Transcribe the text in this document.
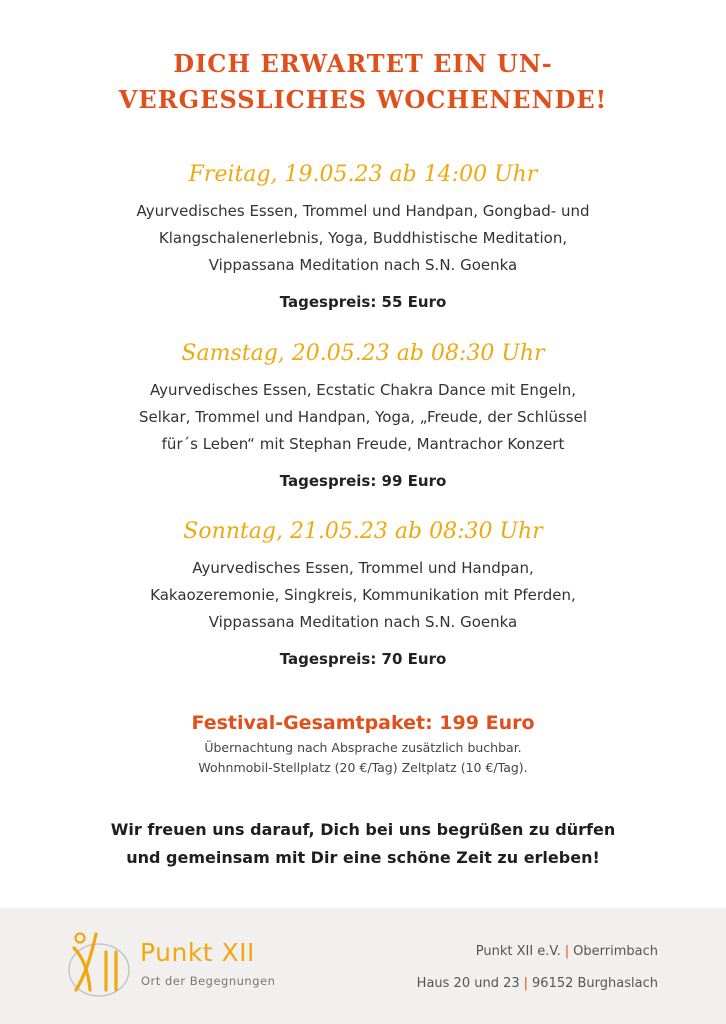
DICH ERWARTET EIN UN-
VERGESSLICHES WOCHENENDE!

Freitag, 19.05.23 ab 14:00 Uhr

Ayurvedisches Essen, Trommel und Handpan, Gongbad- und
Klangschalenerlebnis, Yoga, Buddhistische Meditation,
Vippassana Meditation nach S.N. Goenka

Tagespreis: 55 Euro

Samstag, 20.05.23 ab 08:30 Uhr

Ayurvedisches Essen, Ecstatic Chakra Dance mit Engeln,
Selkar, Trommel und Handpan, Yoga, „Freude, der Schlüssel
für´s Leben“ mit Stephan Freude, Mantrachor Konzert

Tagespreis: 99 Euro

Sonntag, 21.05.23 ab 08:30 Uhr

Ayurvedisches Essen, Trommel und Handpan,
Kakaozeremonie, Singkreis, Kommunikation mit Pferden,
Vippassana Meditation nach S.N. Goenka

Tagespreis: 70 Euro
Festival-Gesamtpaket: 199 Euro
Übernachtung nach Absprache zusätzlich buchbar.
Wohnmobil-Stellplatz (20 €/Tag) Zeltplatz (10 €/Tag).
Wir freuen uns darauf, Dich bei uns begrüßen zu dürfen
und gemeinsam mit Dir eine schöne Zeit zu erleben!
Punkt XII
Ort der Begegnungen
Punkt XII e.V. | Oberrimbach
Haus 20 und 23 | 96152 Burghaslach
